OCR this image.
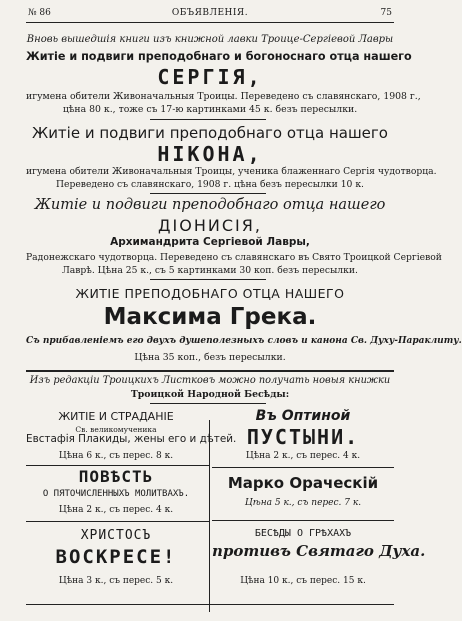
№ 86	ОБЪЯВЛЕНІЯ.	75
Вновь вышедшія книги изъ книжной лавки Троице-Сергіевой Лавры
Житіе и подвиги преподобнаго и богоноснаго отца нашего
СЕРГІЯ,
игумена обители Живоначальныя Троицы. Переведено съ славянскаго, 1908 г.,
цѣна 80 к., тоже съ 17-ю картинками 45 к. безъ пересылки.
Житіе и подвиги преподобнаго отца нашего
НІКОНА,
игумена обители Живоначальныя Троицы, ученика блаженнаго Сергія чудотворца.
Переведено съ славянскаго, 1908 г. цѣна безъ пересылки 10 к.
Житіе и подвиги преподобнаго отца нашего
ДІОНИСІЯ,
Архимандрита Сергіевой Лавры,
Радонежскаго чудотворца. Переведено съ славянскаго въ Свято Троицкой Сергіевой
Лаврѣ. Цѣна 25 к., съ 5 картинками 30 коп. безъ пересылки.
ЖИТІЕ ПРЕПОДОБНАГО ОТЦА НАШЕГО
Максима Грека.
Съ прибавленіемъ его двухъ душеполезныхъ словъ и канона Св. Духу-Параклиту.
Цѣна 35 коп., безъ пересылки.
Изъ редакціи Троицкихъ Листковъ можно получать новыя книжки
Троицкой Народной Бесѣды:
ЖИТІЕ И СТРАДАНІЕ
Св. великомученика
Евстафія Плакиды, жены его и дѣтей.
Цѣна 6 к., съ перес. 8 к.
ПОВѢСТЬ
О ПЯТОЧИСЛЕННЫХЪ МОЛИТВАХЪ.
Цѣна 2 к., съ перес. 4 к.
ХРИСТОСЪ
ВОСКРЕСЕ!
Цѣна 3 к., съ перес. 5 к.
Въ Оптиной
ПУСТЫНИ.
Цѣна 2 к., съ перес. 4 к.
Марко Ораческій
Цѣна 5 к., съ перес. 7 к.
БЕСѢДЫ О ГРѢХАХЪ
противъ Святаго Духа.
Цѣна 10 к., съ перес. 15 к.
